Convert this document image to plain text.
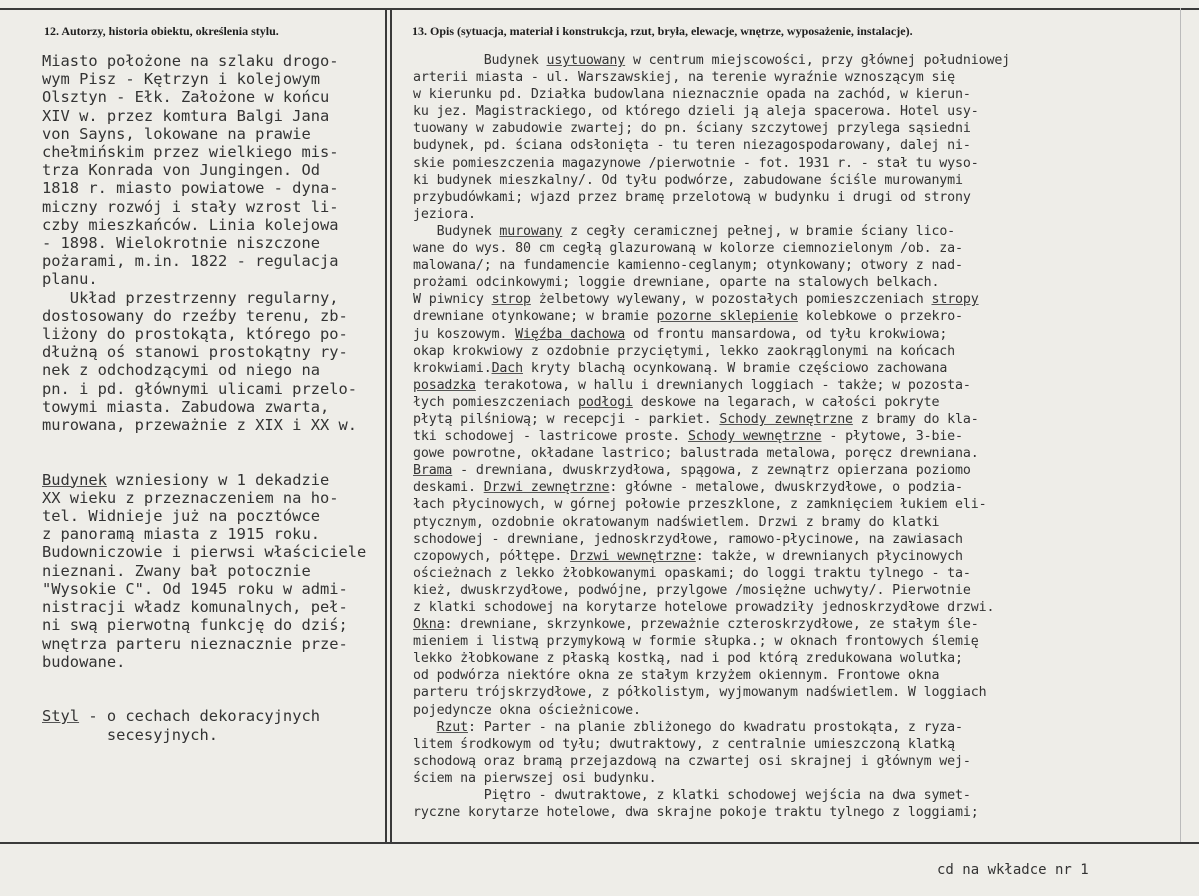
12. Autorzy, historia obiektu, określenia stylu.	13. Opis (sytuacja, materiał i konstrukcja, rzut, bryła, elewacje, wnętrze, wyposażenie, instalacje).
Miasto położone na szlaku drogo-
wym Pisz - Kętrzyn i kolejowym
Olsztyn - Ełk. Założone w końcu
XIV w. przez komtura Balgi Jana
von Sayns, lokowane na prawie
chełmińskim przez wielkiego mis-
trza Konrada von Jungingen. Od
1818 r. miasto powiatowe - dyna-
miczny rozwój i stały wzrost li-
czby mieszkańców. Linia kolejowa
- 1898. Wielokrotnie niszczone
pożarami, m.in. 1822 - regulacja
planu.
Układ przestrzenny regularny,
dostosowany do rzeźby terenu, zb-
liżony do prostokąta, którego po-
dłużną oś stanowi prostokątny ry-
nek z odchodzącymi od niego na
pn. i pd. głównymi ulicami przelo-
towymi miasta. Zabudowa zwarta,
murowana, przeważnie z XIX i XX w.

Budynek wzniesiony w 1 dekadzie
XX wieku z przeznaczeniem na ho-
tel. Widnieje już na pocztówce
z panoramą miasta z 1915 roku.
Budowniczowie i pierwsi właściciele
nieznani. Zwany bał potocznie
"Wysokie C". Od 1945 roku w admi-
nistracji władz komunalnych, peł-
ni swą pierwotną funkcję do dziś;
wnętrza parteru nieznacznie prze-
budowane.

Styl - o cechach dekoracyjnych
secesyjnych.
Budynek usytuowany w centrum miejscowości, przy głównej południowej
arterii miasta - ul. Warszawskiej, na terenie wyraźnie wznoszącym się
w kierunku pd. Działka budowlana nieznacznie opada na zachód, w kierun-
ku jez. Magistrackiego, od którego dzieli ją aleja spacerowa. Hotel usy-
tuowany w zabudowie zwartej; do pn. ściany szczytowej przylega sąsiedni
budynek, pd. ściana odsłonięta - tu teren niezagospodarowany, dalej ni-
skie pomieszczenia magazynowe /pierwotnie - fot. 1931 r. - stał tu wyso-
ki budynek mieszkalny/. Od tyłu podwórze, zabudowane ściśle murowanymi
przybudówkami; wjazd przez bramę przelotową w budynku i drugi od strony
jeziora.
Budynek murowany z cegły ceramicznej pełnej, w bramie ściany lico-
wane do wys. 80 cm cegłą glazurowaną w kolorze ciemnozielonym /ob. za-
malowana/; na fundamencie kamienno-ceglanym; otynkowany; otwory z nad-
prożami odcinkowymi; loggie drewniane, oparte na stalowych belkach.
W piwnicy strop żelbetowy wylewany, w pozostałych pomieszczeniach stropy
drewniane otynkowane; w bramie pozorne sklepienie kolebkowe o przekro-
ju koszowym. Więźba dachowa od frontu mansardowa, od tyłu krokwiowa;
okap krokwiowy z ozdobnie przyciętymi, lekko zaokrąglonymi na końcach
krokwiami.Dach kryty blachą ocynkowaną. W bramie częściowo zachowana
posadzka terakotowa, w hallu i drewnianych loggiach - także; w pozosta-
łych pomieszczeniach podłogi deskowe na legarach, w całości pokryte
płytą pilśniową; w recepcji - parkiet. Schody zewnętrzne z bramy do kla-
tki schodowej - lastricowe proste. Schody wewnętrzne - płytowe, 3-bie-
gowe powrotne, okładane lastrico; balustrada metalowa, poręcz drewniana.
Brama - drewniana, dwuskrzydłowa, spągowa, z zewnątrz opierzana poziomo
deskami. Drzwi zewnętrzne: główne - metalowe, dwuskrzydłowe, o podzia-
łach płycinowych, w górnej połowie przeszklone, z zamknięciem łukiem eli-
ptycznym, ozdobnie okratowanym nadświetlem. Drzwi z bramy do klatki
schodowej - drewniane, jednoskrzydłowe, ramowo-płycinowe, na zawiasach
czopowych, półtępe. Drzwi wewnętrzne: także, w drewnianych płycinowych
ościeżnach z lekko żłobkowanymi opaskami; do loggi traktu tylnego - ta-
kież, dwuskrzydłowe, podwójne, przylgowe /mosiężne uchwyty/. Pierwotnie
z klatki schodowej na korytarze hotelowe prowadziły jednoskrzydłowe drzwi.
Okna: drewniane, skrzynkowe, przeważnie czteroskrzydłowe, ze stałym śle-
mieniem i listwą przymykową w formie słupka.; w oknach frontowych ślemię
lekko żłobkowane z płaską kostką, nad i pod którą zredukowana wolutka;
od podwórza niektóre okna ze stałym krzyżem okiennym. Frontowe okna
parteru trójskrzydłowe, z półkolistym, wyjmowanym nadświetlem. W loggiach
pojedyncze okna ościeżnicowe.
Rzut: Parter - na planie zbliżonego do kwadratu prostokąta, z ryza-
litem środkowym od tyłu; dwutraktowy, z centralnie umieszczoną klatką
schodową oraz bramą przejazdową na czwartej osi skrajnej i głównym wej-
ściem na pierwszej osi budynku.
Piętro - dwutraktowe, z klatki schodowej wejścia na dwa symet-
ryczne korytarze hotelowe, dwa skrajne pokoje traktu tylnego z loggiami;
cd na wkładce nr 1
